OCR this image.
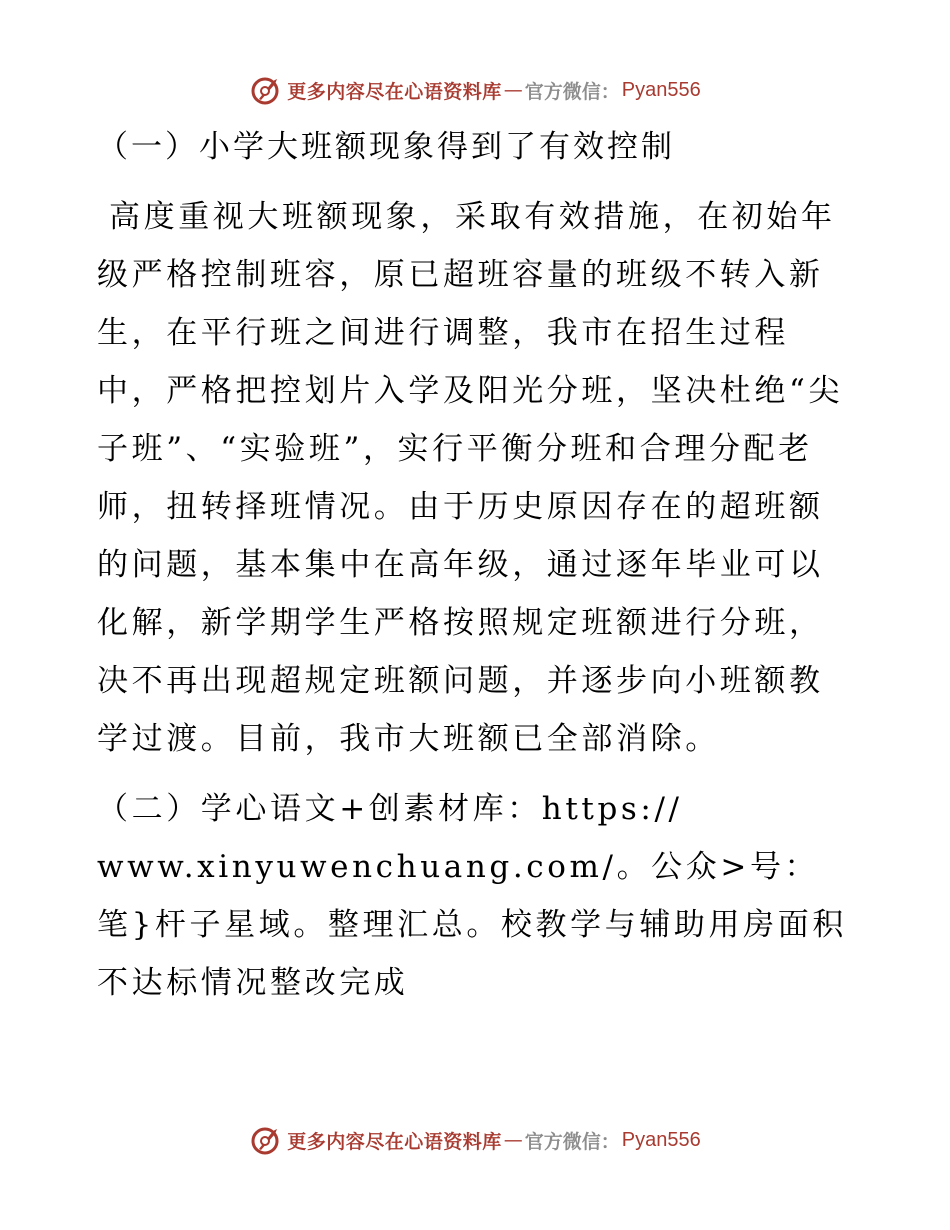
更多内容尽在心语资料库 — 官方微信： Pyan556
（一）小学大班额现象得到了有效控制

高度重视大班额现象，采取有效措施，在初始年级严格控制班容，原已超班容量的班级不转入新生，在平行班之间进行调整，我市在招生过程中，严格把控划片入学及阳光分班，坚决杜绝“尖子班”、“实验班”，实行平衡分班和合理分配老师，扭转择班情况。由于历史原因存在的超班额的问题，基本集中在高年级，通过逐年毕业可以化解，新学期学生严格按照规定班额进行分班，决不再出现超规定班额问题，并逐步向小班额教学过渡。目前，我市大班额已全部消除。

（二）学心语文+创素材库：https://
www.xinyuwenchuang.com/。公众>号：笔}杆子星域。整理汇总。校教学与辅助用房面积不达标情况整改完成

更多内容尽在心语资料库 — 官方微信： Pyan556
